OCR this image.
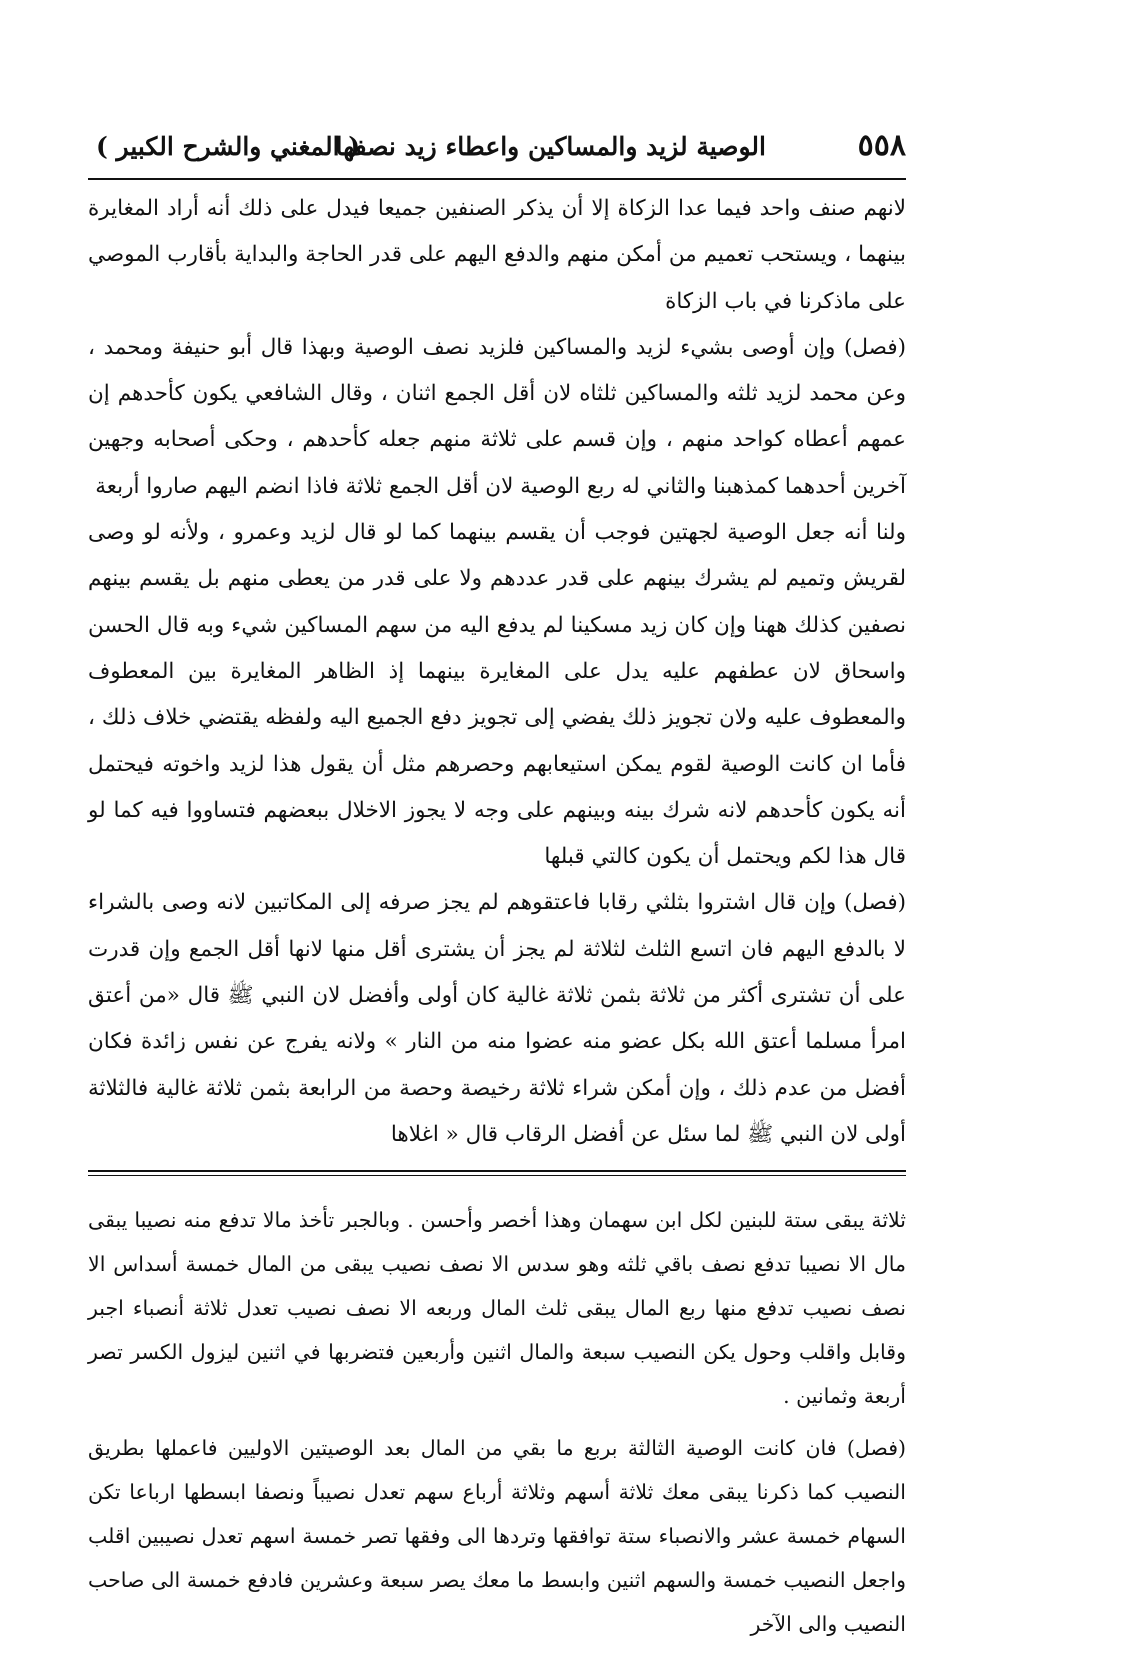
٥٥٨
الوصية لزيد والمساكين واعطاء زيد نصفها
( المغني والشرح الكبير )

لانهم صنف واحد فيما عدا الزكاة إلا أن يذكر الصنفين جميعا فيدل على ذلك أنه أراد المغايرة بينهما ، ويستحب تعميم من أمكن منهم والدفع اليهم على قدر الحاجة والبداية بأقارب الموصي على ماذكرنا في باب الزكاة

(فصل) وإن أوصى بشيء لزيد والمساكين فلزيد نصف الوصية وبهذا قال أبو حنيفة ومحمد ، وعن محمد لزيد ثلثه والمساكين ثلثاه لان أقل الجمع اثنان ، وقال الشافعي يكون كأحدهم إن عمهم أعطاه كواحد منهم ، وإن قسم على ثلاثة منهم جعله كأحدهم ، وحكى أصحابه وجهين آخرين أحدهما كمذهبنا والثاني له ربع الوصية لان أقل الجمع ثلاثة فاذا انضم اليهم صاروا أربعة

ولنا أنه جعل الوصية لجهتين فوجب أن يقسم بينهما كما لو قال لزيد وعمرو ، ولأنه لو وصى لقريش وتميم لم يشرك بينهم على قدر عددهم ولا على قدر من يعطى منهم بل يقسم بينهم نصفين كذلك ههنا وإن كان زيد مسكينا لم يدفع اليه من سهم المساكين شيء وبه قال الحسن واسحاق لان عطفهم عليه يدل على المغايرة بينهما إذ الظاهر المغايرة بين المعطوف والمعطوف عليه ولان تجويز ذلك يفضي إلى تجويز دفع الجميع اليه ولفظه يقتضي خلاف ذلك ، فأما ان كانت الوصية لقوم يمكن استيعابهم وحصرهم مثل أن يقول هذا لزيد واخوته فيحتمل أنه يكون كأحدهم لانه شرك بينه وبينهم على وجه لا يجوز الاخلال ببعضهم فتساووا فيه كما لو قال هذا لكم ويحتمل أن يكون كالتي قبلها

(فصل) وإن قال اشتروا بثلثي رقابا فاعتقوهم لم يجز صرفه إلى المكاتبين لانه وصى بالشراء لا بالدفع اليهم فان اتسع الثلث لثلاثة لم يجز أن يشترى أقل منها لانها أقل الجمع وإن قدرت على أن تشترى أكثر من ثلاثة بثمن ثلاثة غالية كان أولى وأفضل لان النبي ﷺ قال «من أعتق امرأ مسلما أعتق الله بكل عضو منه عضوا منه من النار » ولانه يفرج عن نفس زائدة فكان أفضل من عدم ذلك ، وإن أمكن شراء ثلاثة رخيصة وحصة من الرابعة بثمن ثلاثة غالية فالثلاثة أولى لان النبي ﷺ لما سئل عن أفضل الرقاب قال « اغلاها

ثلاثة يبقى ستة للبنين لكل ابن سهمان وهذا أخصر وأحسن . وبالجبر تأخذ مالا تدفع منه نصيبا يبقى مال الا نصيبا تدفع نصف باقي ثلثه وهو سدس الا نصف نصيب يبقى من المال خمسة أسداس الا نصف نصيب تدفع منها ربع المال يبقى ثلث المال وربعه الا نصف نصيب تعدل ثلاثة أنصباء اجبر وقابل واقلب وحول يكن النصيب سبعة والمال اثنين وأربعين فتضربها في اثنين ليزول الكسر تصر أربعة وثمانين .

(فصل) فان كانت الوصية الثالثة بربع ما بقي من المال بعد الوصيتين الاوليين فاعملها بطريق النصيب كما ذكرنا يبقى معك ثلاثة أسهم وثلاثة أرباع سهم تعدل نصيباً ونصفا ابسطها ارباعا تكن السهام خمسة عشر والانصباء ستة توافقها وتردها الى وفقها تصر خمسة اسهم تعدل نصيبين اقلب واجعل النصيب خمسة والسهم اثنين وابسط ما معك يصر سبعة وعشرين فادفع خمسة الى صاحب النصيب والى الآخر
